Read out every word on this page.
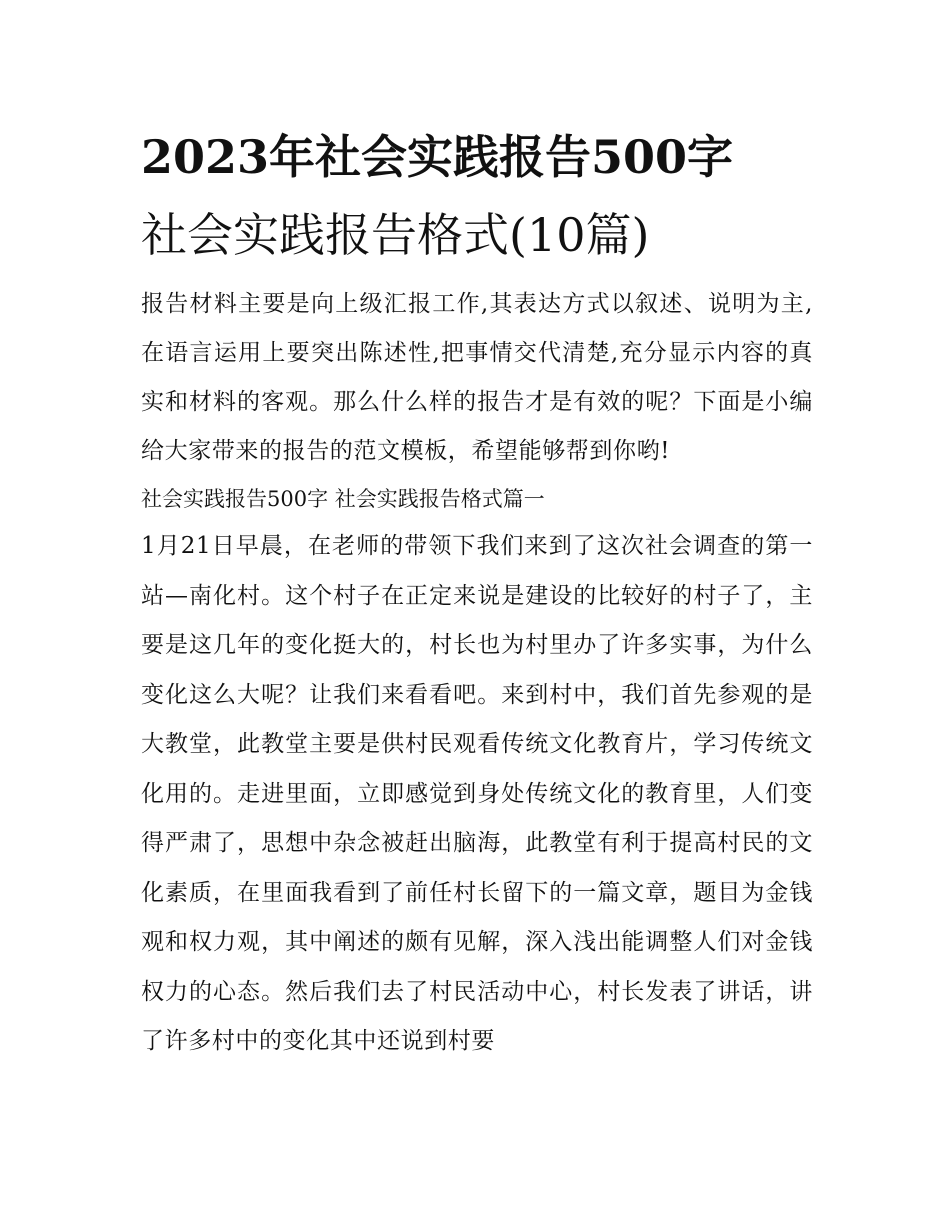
2023年社会实践报告500字
社会实践报告格式(10篇)

报告材料主要是向上级汇报工作,其表达方式以叙述、说明为主,在语言运用上要突出陈述性,把事情交代清楚,充分显示内容的真实和材料的客观。那么什么样的报告才是有效的呢？下面是小编给大家带来的报告的范文模板，希望能够帮到你哟!

社会实践报告500字 社会实践报告格式篇一

1月21日早晨，在老师的带领下我们来到了这次社会调查的第一站—南化村。这个村子在正定来说是建设的比较好的村子了，主要是这几年的变化挺大的，村长也为村里办了许多实事，为什么变化这么大呢？让我们来看看吧。来到村中，我们首先参观的是大教堂，此教堂主要是供村民观看传统文化教育片，学习传统文化用的。走进里面，立即感觉到身处传统文化的教育里，人们变得严肃了，思想中杂念被赶出脑海，此教堂有利于提高村民的文化素质，在里面我看到了前任村长留下的一篇文章，题目为金钱观和权力观，其中阐述的颇有见解，深入浅出能调整人们对金钱权力的心态。然后我们去了村民活动中心，村长发表了讲话，讲了许多村中的变化其中还说到村要
